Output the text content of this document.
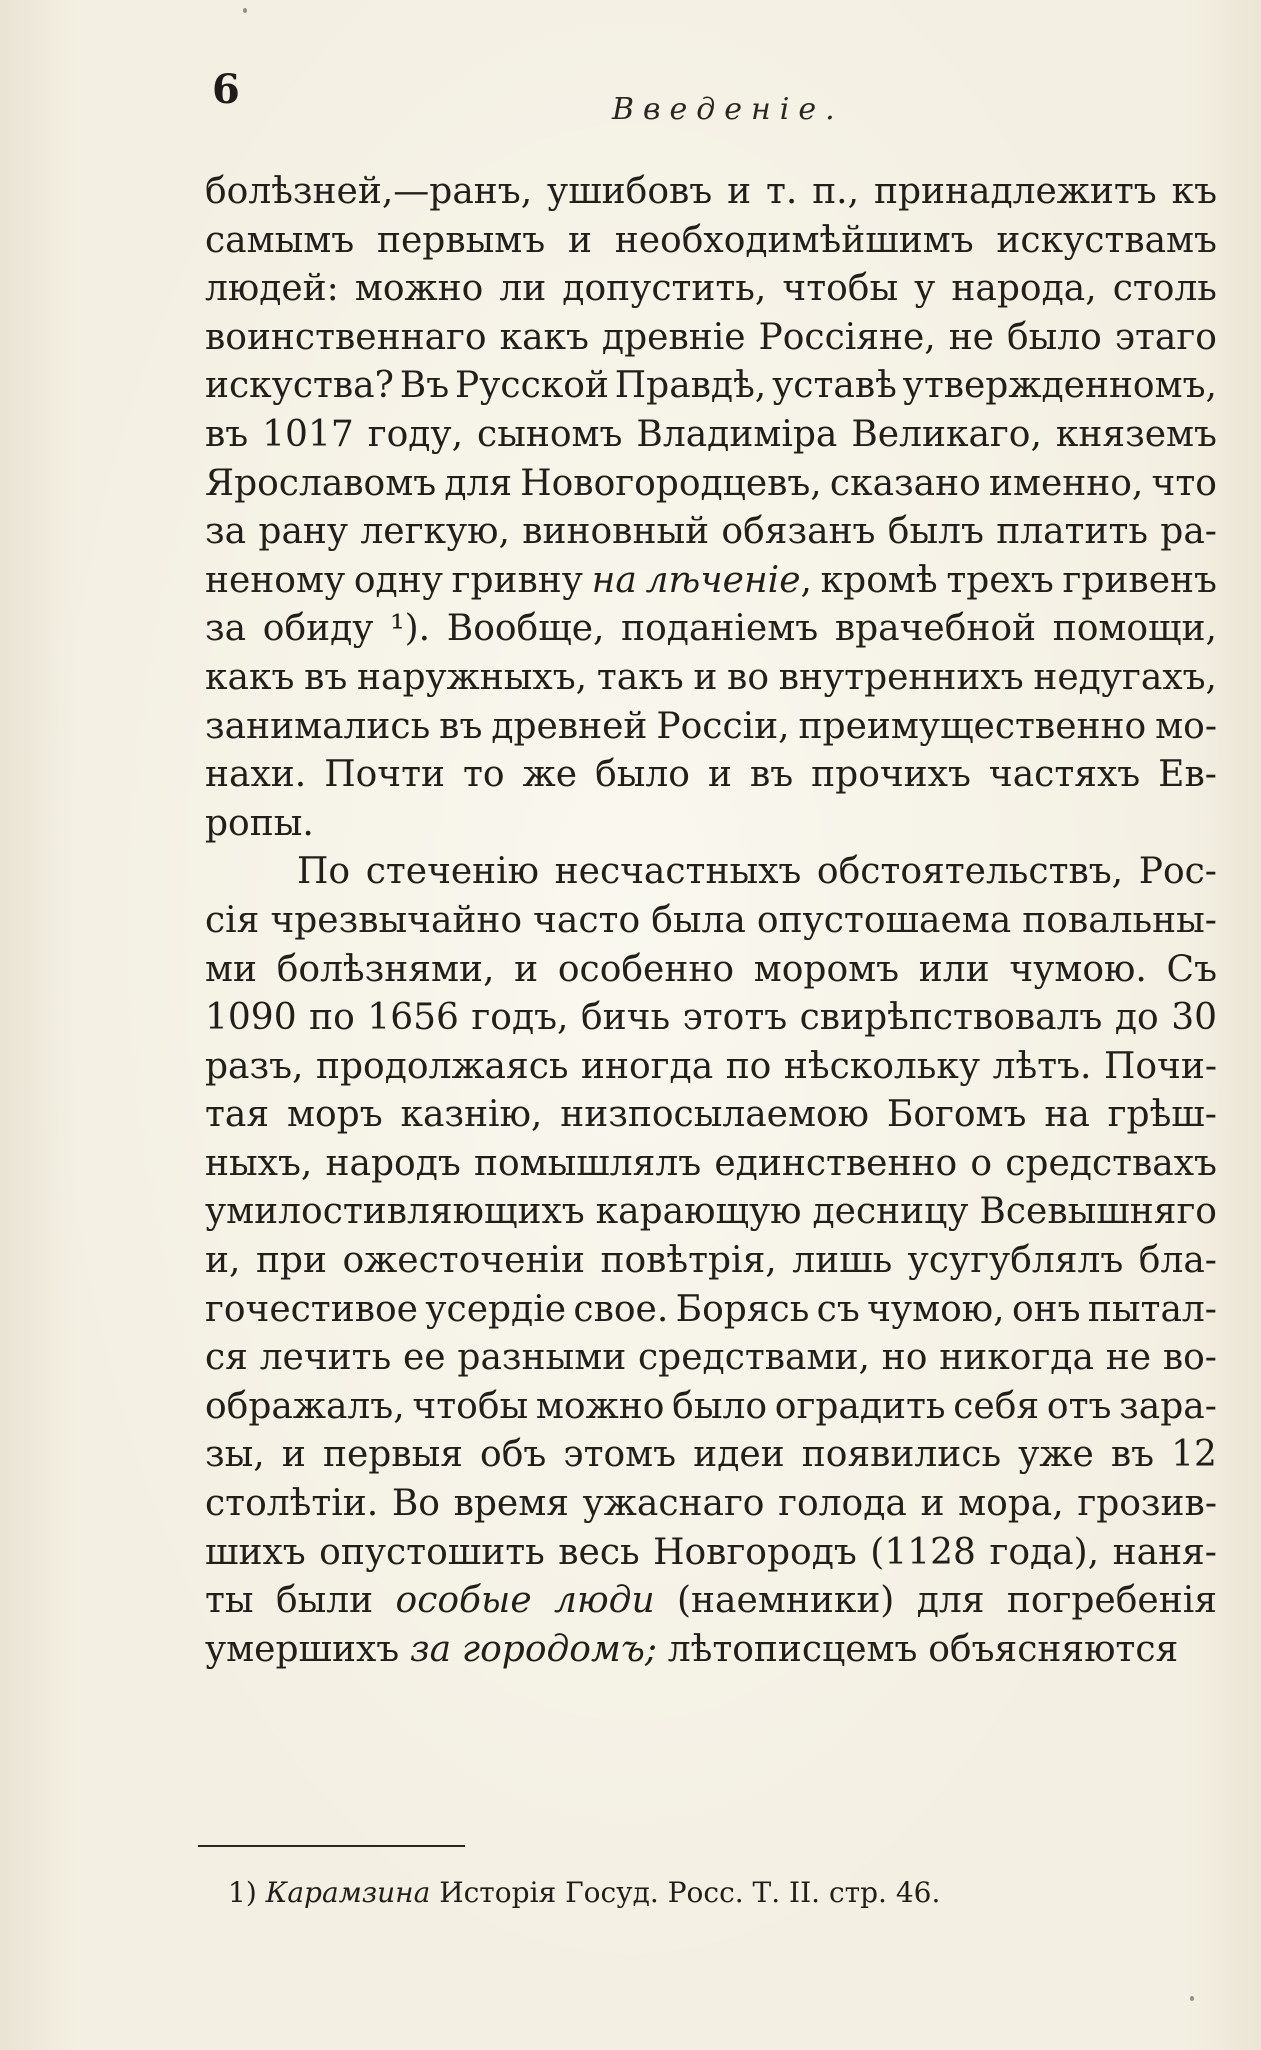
6	Введеніе.
болѣзней,—ранъ, ушибовъ и т. п., принадлежитъ къ
самымъ первымъ и необходимѣйшимъ искуствамъ
людей: можно ли допустить, чтобы у народа, столь
воинственнаго какъ древніе Россіяне, не было этаго
искуства? Въ Русской Правдѣ, уставѣ утвержденномъ,
въ 1017 году, сыномъ Владиміра Великаго, княземъ
Ярославомъ для Новогородцевъ, сказано именно, что
за рану легкую, виновный обязанъ былъ платить ра-
неному одну гривну на лѣченіе, кромѣ трехъ гривенъ
за обиду ¹). Вообще, поданіемъ врачебной помощи,
какъ въ наружныхъ, такъ и во внутреннихъ недугахъ,
занимались въ древней Россіи, преимущественно мо-
нахи. Почти то же было и въ прочихъ частяхъ Ев-
ропы.
По стеченію несчастныхъ обстоятельствъ, Рос-
сія чрезвычайно часто была опустошаема повальны-
ми болѣзнями, и особенно моромъ или чумою. Съ
1090 по 1656 годъ, бичь этотъ свирѣпствовалъ до 30
разъ, продолжаясь иногда по нѣскольку лѣтъ. Почи-
тая моръ казнію, низпосылаемою Богомъ на грѣш-
ныхъ, народъ помышлялъ единственно о средствахъ
умилостивляющихъ карающую десницу Всевышняго
и, при ожесточеніи повѣтрія, лишь усугублялъ бла-
гочестивое усердіе свое. Борясь съ чумою, онъ пытал-
ся лечить ее разными средствами, но никогда не во-
ображалъ, чтобы можно было оградить себя отъ зара-
зы, и первыя объ этомъ идеи появились уже въ 12
столѣтіи. Во время ужаснаго голода и мора, грозив-
шихъ опустошить весь Новгородъ (1128 года), наня-
ты были особые люди (наемники) для погребенія
умершихъ за городомъ; лѣтописцемъ объясняются
1) Карамзина Исторія Госуд. Росс. Т. II. стр. 46.
